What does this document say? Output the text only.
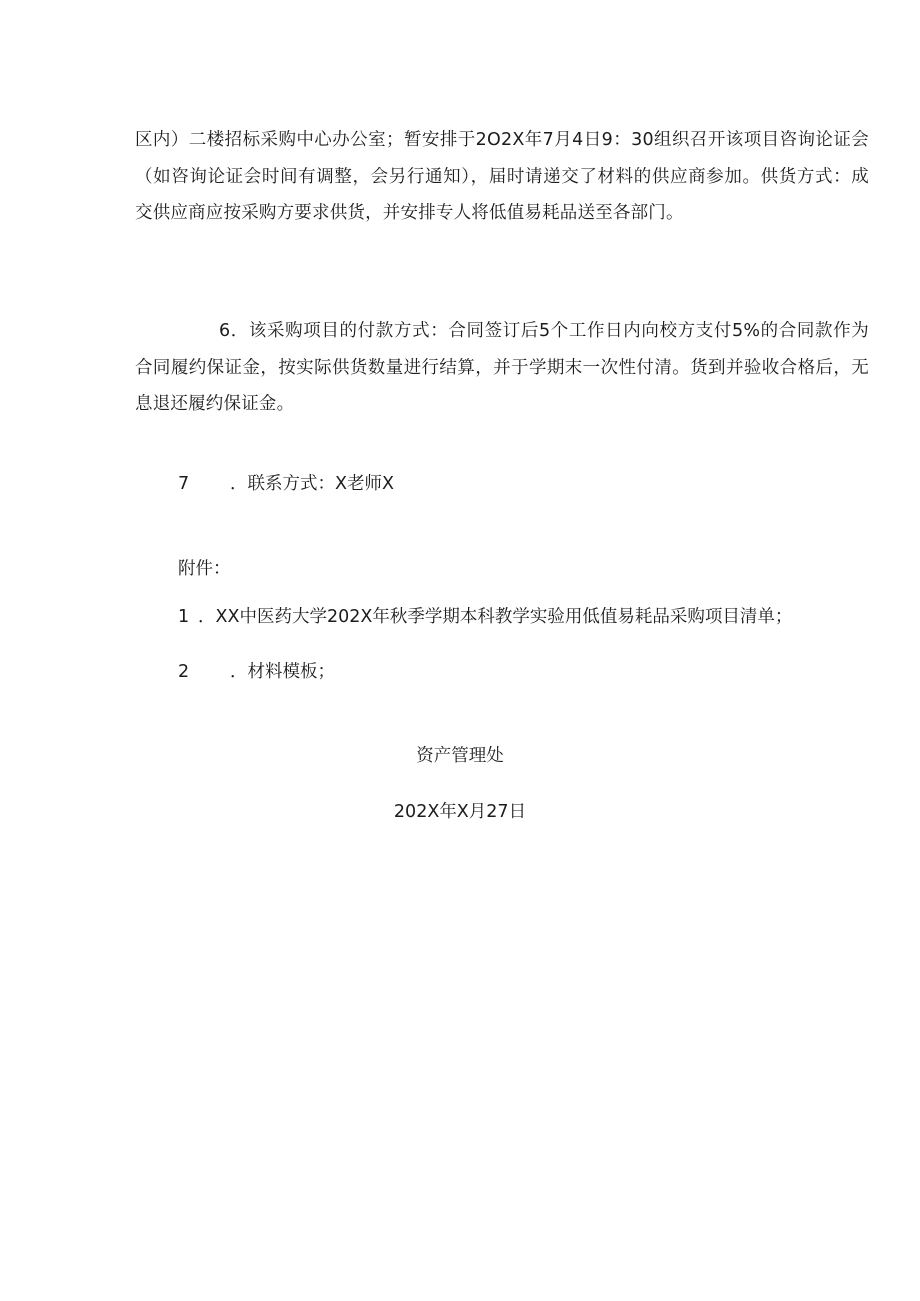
区内）二楼招标采购中心办公室；暂安排于2O2X年7月4日9：30组织召开该项目咨询论证会（如咨询论证会时间有调整，会另行通知），届时请递交了材料的供应商参加。供货方式：成交供应商应按采购方要求供货，并安排专人将低值易耗品送至各部门。

6．该采购项目的付款方式：合同签订后5个工作日内向校方支付5%的合同款作为合同履约保证金，按实际供货数量进行结算，并于学期末一次性付清。货到并验收合格后，无息退还履约保证金。

7 ．联系方式：X老师X
附件：
1 ．XX中医药大学202X年秋季学期本科教学实验用低值易耗品采购项目清单；
2 ．材料模板；
资产管理处
202X年X月27日
